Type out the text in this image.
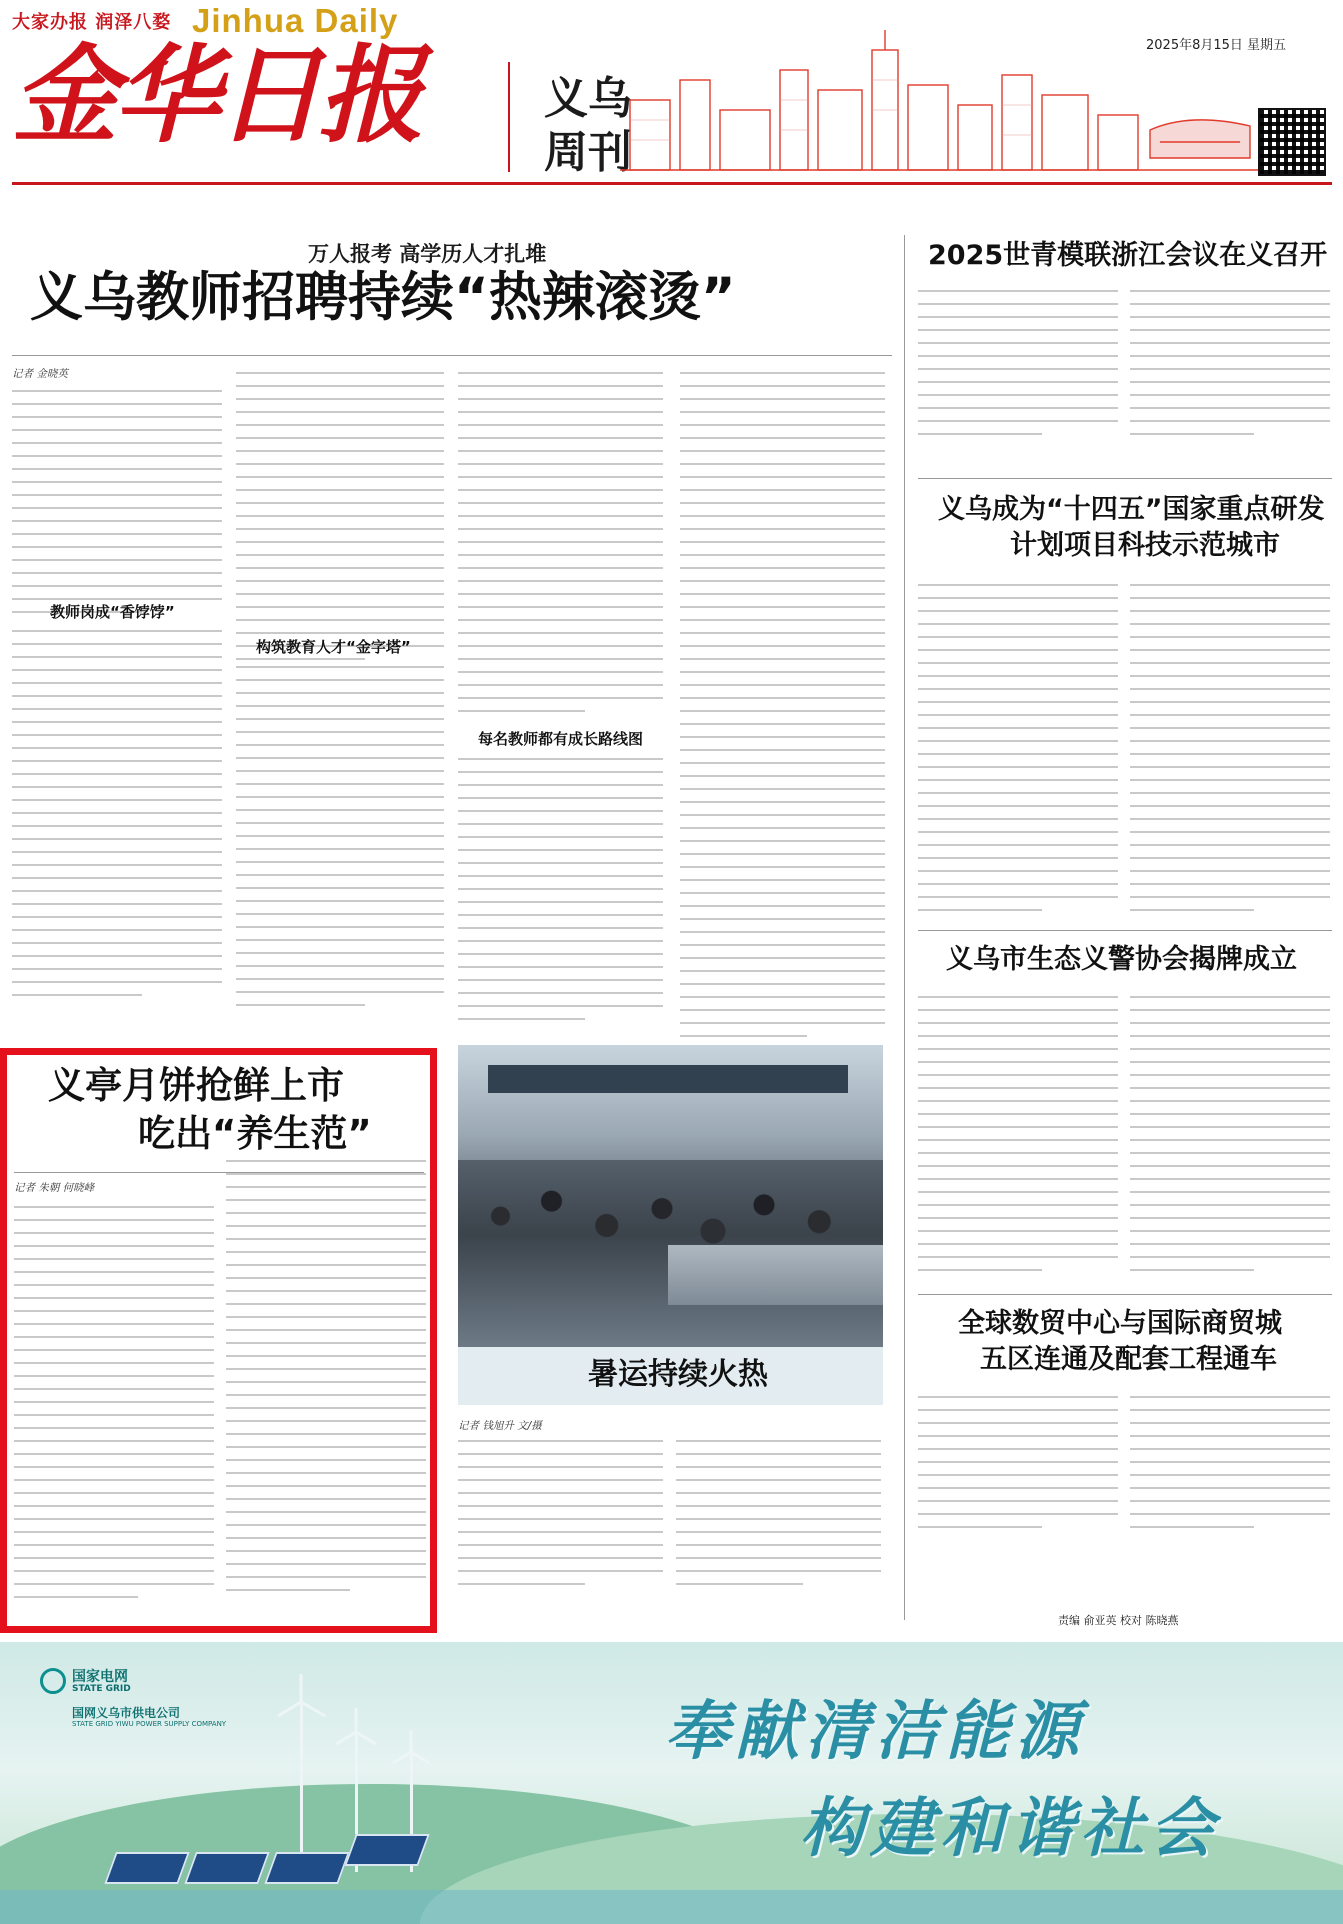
大家办报 润泽八婺 Jinhua Daily
金华日报	义乌
周刊
2025年8月15日 星期五
万人报考 高学历人才扎堆
义乌教师招聘持续“热辣滚烫”
记者 金晓英
教师岗成“香饽饽”
构筑教育人才“金字塔”
每名教师都有成长路线图
义亭月饼抢鲜上市
吃出“养生范”
记者 朱朝 何晓峰
暑运持续火热
记者 钱旭升 文/摄
2025世青模联浙江会议在义召开
义乌成为“十四五”国家重点研发
计划项目科技示范城市
义乌市生态义警协会揭牌成立
全球数贸中心与国际商贸城
五区连通及配套工程通车
责编 俞亚英 校对 陈晓燕
国家电网
STATE GRID
国网义乌市供电公司
STATE GRID YIWU POWER SUPPLY COMPANY	奉献清洁能源
构建和谐社会
